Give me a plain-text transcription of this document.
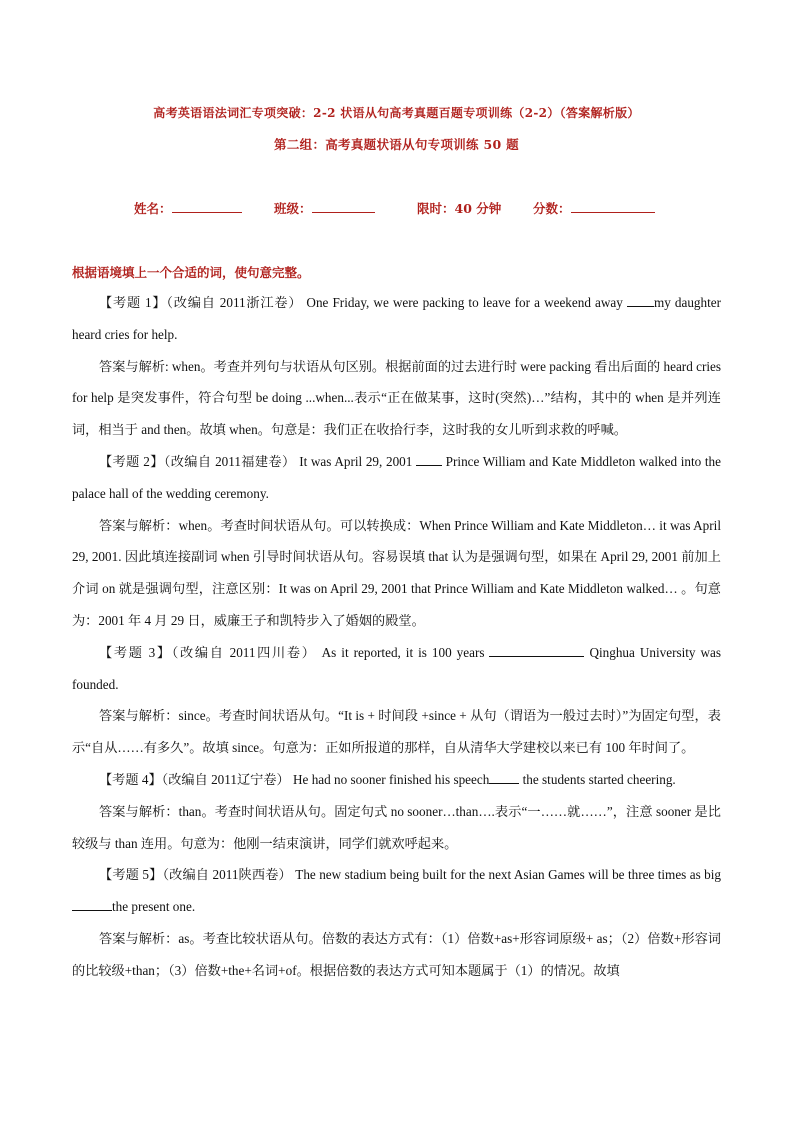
高考英语语法词汇专项突破：2-2 状语从句高考真题百题专项训练（2-2）（答案解析版）
第二组：高考真题状语从句专项训练 50 题
姓名：	班级：	限时：40 分钟	分数：
根据语境填上一个合适的词，使句意完整。

【考题 1】（改编自 2011浙江卷） One Friday, we were packing to leave for a weekend away my daughter heard cries for help.

答案与解析: when。考查并列句与状语从句区别。根据前面的过去进行时 were packing 看出后面的 heard cries for help 是突发事件，符合句型 be doing ...when...表示“正在做某事，这时(突然)…”结构，其中的 when 是并列连词，相当于 and then。故填 when。句意是：我们正在收拾行李，这时我的女儿听到求救的呼喊。

【考题 2】（改编自 2011福建卷） It was April 29, 2001  Prince William and Kate Middleton walked into the palace hall of the wedding ceremony.

答案与解析：when。考查时间状语从句。可以转换成：When Prince William and Kate Middleton… it was April 29, 2001. 因此填连接副词 when 引导时间状语从句。容易误填 that 认为是强调句型，如果在 April 29, 2001 前加上介词 on 就是强调句型，注意区别：It was on April 29, 2001 that Prince William and Kate Middleton walked… 。句意为：2001 年 4 月 29 日，威廉王子和凯特步入了婚姻的殿堂。

【考题 3】（改编自 2011四川卷） As it reported, it is 100 years	Qinghua University was founded.

答案与解析：since。考查时间状语从句。“It is + 时间段 +since + 从句（谓语为一般过去时）”为固定句型，表示“自从……有多久”。故填 since。句意为：正如所报道的那样，自从清华大学建校以来已有 100 年时间了。

【考题 4】（改编自 2011辽宁卷） He had no sooner finished his speech the students started cheering.

答案与解析：than。考查时间状语从句。固定句式 no sooner…than….表示“一……就……”，注意 sooner 是比较级与 than 连用。句意为：他刚一结束演讲，同学们就欢呼起来。

【考题 5】（改编自 2011陕西卷） The new stadium being built for the next Asian Games will be three times as big the present one.

答案与解析：as。考查比较状语从句。倍数的表达方式有：（1）倍数+as+形容词原级+ as；（2）倍数+形容词的比较级+than；（3）倍数+the+名词+of。根据倍数的表达方式可知本题属于（1）的情况。故填
